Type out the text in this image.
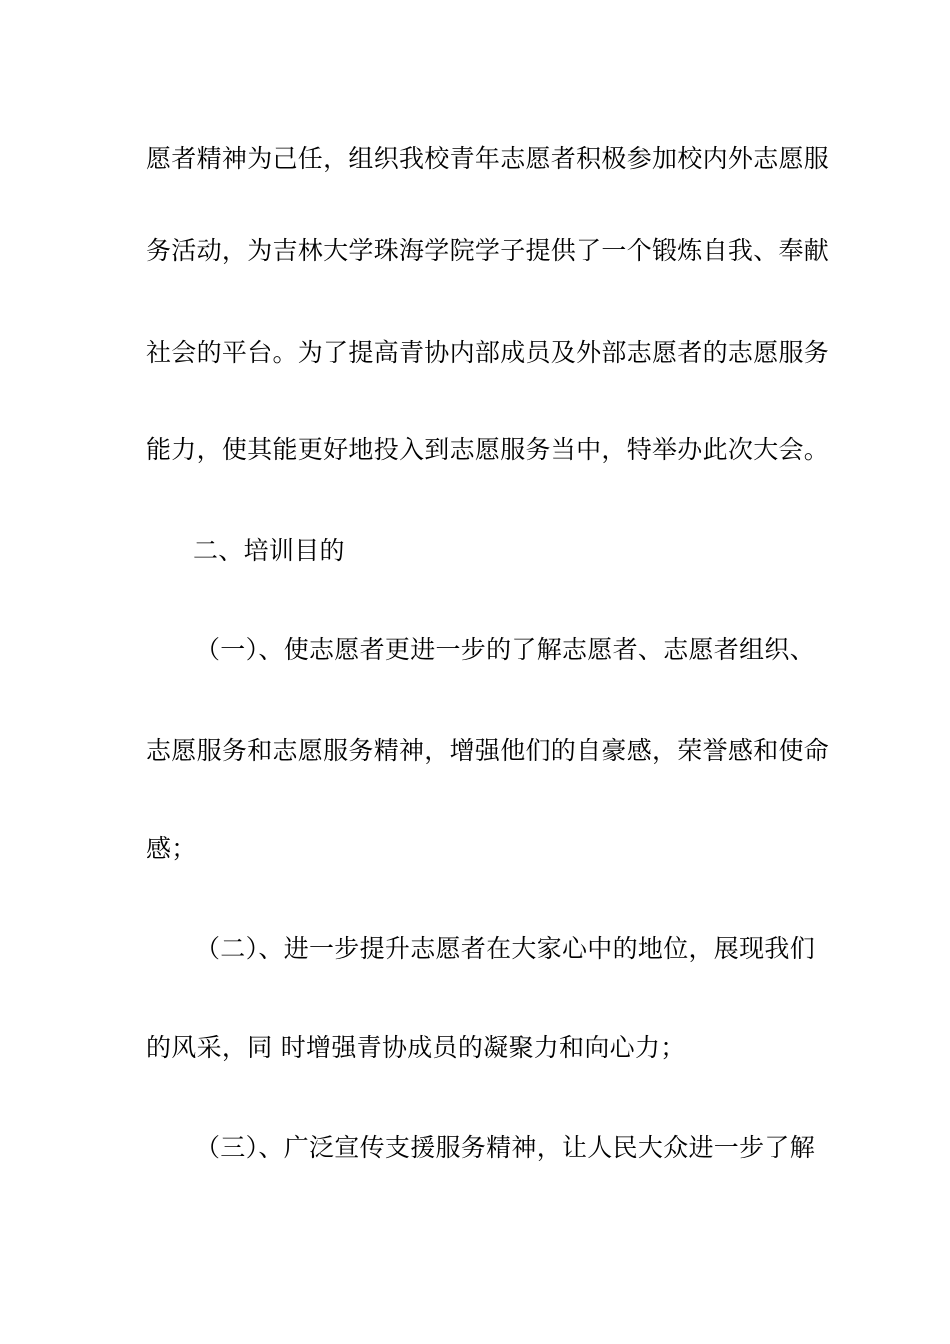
愿者精神为己任，组织我校青年志愿者积极参加校内外志愿服
务活动，为吉林大学珠海学院学子提供了一个锻炼自我、奉献
社会的平台。为了提高青协内部成员及外部志愿者的志愿服务
能力，使其能更好地投入到志愿服务当中，特举办此次大会。
二、培训目的
（一）、使志愿者更进一步的了解志愿者、志愿者组织、
志愿服务和志愿服务精神，增强他们的自豪感，荣誉感和使命
感；
（二）、进一步提升志愿者在大家心中的地位，展现我们
的风采，同 时增强青协成员的凝聚力和向心力；
（三）、广泛宣传支援服务精神，让人民大众进一步了解
